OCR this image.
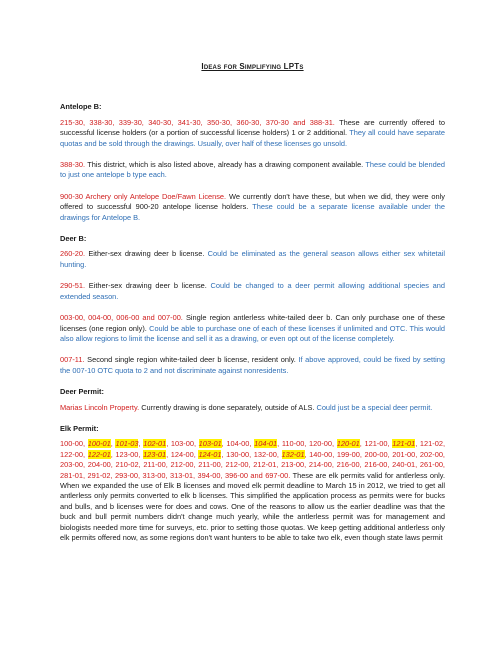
Ideas for Simplifying LPTs
Antelope B:
215-30, 338-30, 339-30, 340-30, 341-30, 350-30, 360-30, 370-30 and 388-31. These are currently offered to successful license holders (or a portion of successful license holders) 1 or 2 additional. They all could have separate quotas and be sold through the drawings. Usually, over half of these licenses go unsold.
388-30. This district, which is also listed above, already has a drawing component available. These could be blended to just one antelope b type each.
900-30 Archery only Antelope Doe/Fawn License. We currently don't have these, but when we did, they were only offered to successful 900-20 antelope license holders. These could be a separate license available under the drawings for Antelope B.
Deer B:
260-20. Either-sex drawing deer b license. Could be eliminated as the general season allows either sex whitetail hunting.
290-51. Either-sex drawing deer b license. Could be changed to a deer permit allowing additional species and extended season.
003-00, 004-00, 006-00 and 007-00. Single region antlerless white-tailed deer b. Can only purchase one of these licenses (one region only). Could be able to purchase one of each of these licenses if unlimited and OTC. This would also allow regions to limit the license and sell it as a drawing, or even opt out of the license completely.
007-11. Second single region white-tailed deer b license, resident only. If above approved, could be fixed by setting the 007-10 OTC quota to 2 and not discriminate against nonresidents.
Deer Permit:
Marias Lincoln Property. Currently drawing is done separately, outside of ALS. Could just be a special deer permit.
Elk Permit:
100-00, 100-01, 101-03, 102-01, 103-00, 103-01, 104-00, 104-01, 110-00, 120-00, 120-01, 121-00, 121-01, 121-02, 122-00, 122-01, 123-00, 123-01, 124-00, 124-01, 130-00, 132-00, 132-01, 140-00, 199-00, 200-00, 201-00, 202-00, 203-00, 204-00, 210-02, 211-00, 212-00, 211-00, 212-00, 212-01, 213-00, 214-00, 216-00, 216-00, 240-01, 261-00, 281-01, 291-02, 293-00, 313-00, 313-01, 394-00, 396-00 and 697-00. These are elk permits valid for antlerless only. When we expanded the use of Elk B licenses and moved elk permit deadline to March 15 in 2012, we tried to get all antlerless only permits converted to elk b licenses. This simplified the application process as permits were for bucks and bulls, and b licenses were for does and cows. One of the reasons to allow us the earlier deadline was that the buck and bull permit numbers didn't change much yearly, while the antlerless permit was for management and biologists needed more time for surveys, etc. prior to setting those quotas. We keep getting additional antlerless only elk permits offered now, as some regions don't want hunters to be able to take two elk, even though state laws permit
